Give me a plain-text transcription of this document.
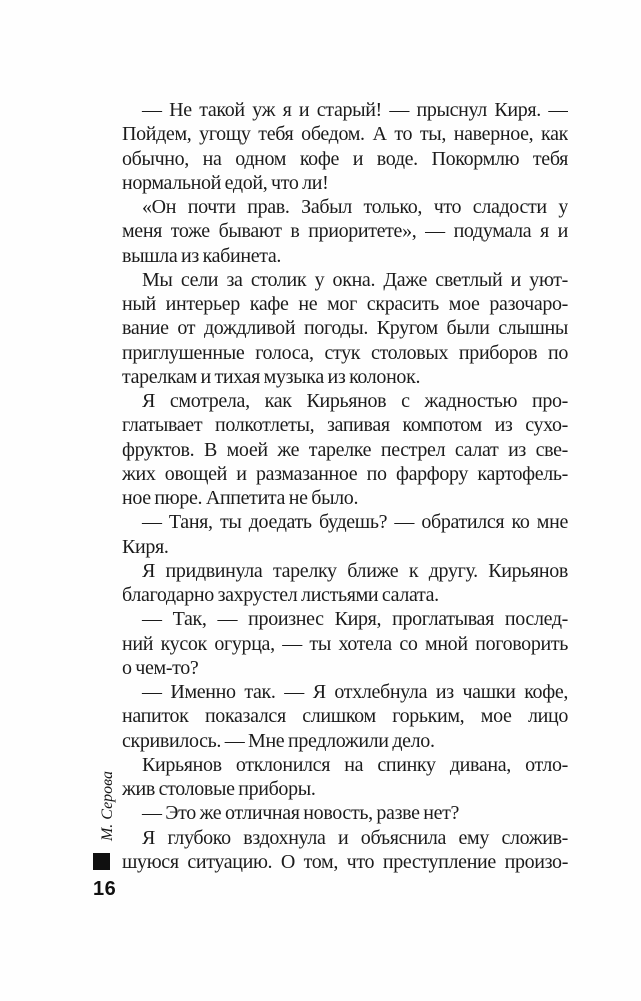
М. Серова
16
— Не такой уж я и старый! — прыснул Киря. —
Пойдем, угощу тебя обедом. А то ты, наверное, как
обычно, на одном кофе и воде. Покормлю тебя
нормальной едой, что ли!
«Он почти прав. Забыл только, что сладости у
меня тоже бывают в приоритете», — подумала я и
вышла из кабинета.
Мы сели за столик у окна. Даже светлый и уют-
ный интерьер кафе не мог скрасить мое разочаро-
вание от дождливой погоды. Кругом были слышны
приглушенные голоса, стук столовых приборов по
тарелкам и тихая музыка из колонок.
Я смотрела, как Кирьянов с жадностью про-
глатывает полкотлеты, запивая компотом из сухо-
фруктов. В моей же тарелке пестрел салат из све-
жих овощей и размазанное по фарфору картофель-
ное пюре. Аппетита не было.
— Таня, ты доедать будешь? — обратился ко мне
Киря.
Я придвинула тарелку ближе к другу. Кирьянов
благодарно захрустел листьями салата.
— Так, — произнес Киря, проглатывая послед-
ний кусок огурца, — ты хотела со мной поговорить
о чем-то?
— Именно так. — Я отхлебнула из чашки кофе,
напиток показался слишком горьким, мое лицо
скривилось. — Мне предложили дело.
Кирьянов отклонился на спинку дивана, отло-
жив столовые приборы.
— Это же отличная новость, разве нет?
Я глубоко вздохнула и объяснила ему сложив-
шуюся ситуацию. О том, что преступление произо-
